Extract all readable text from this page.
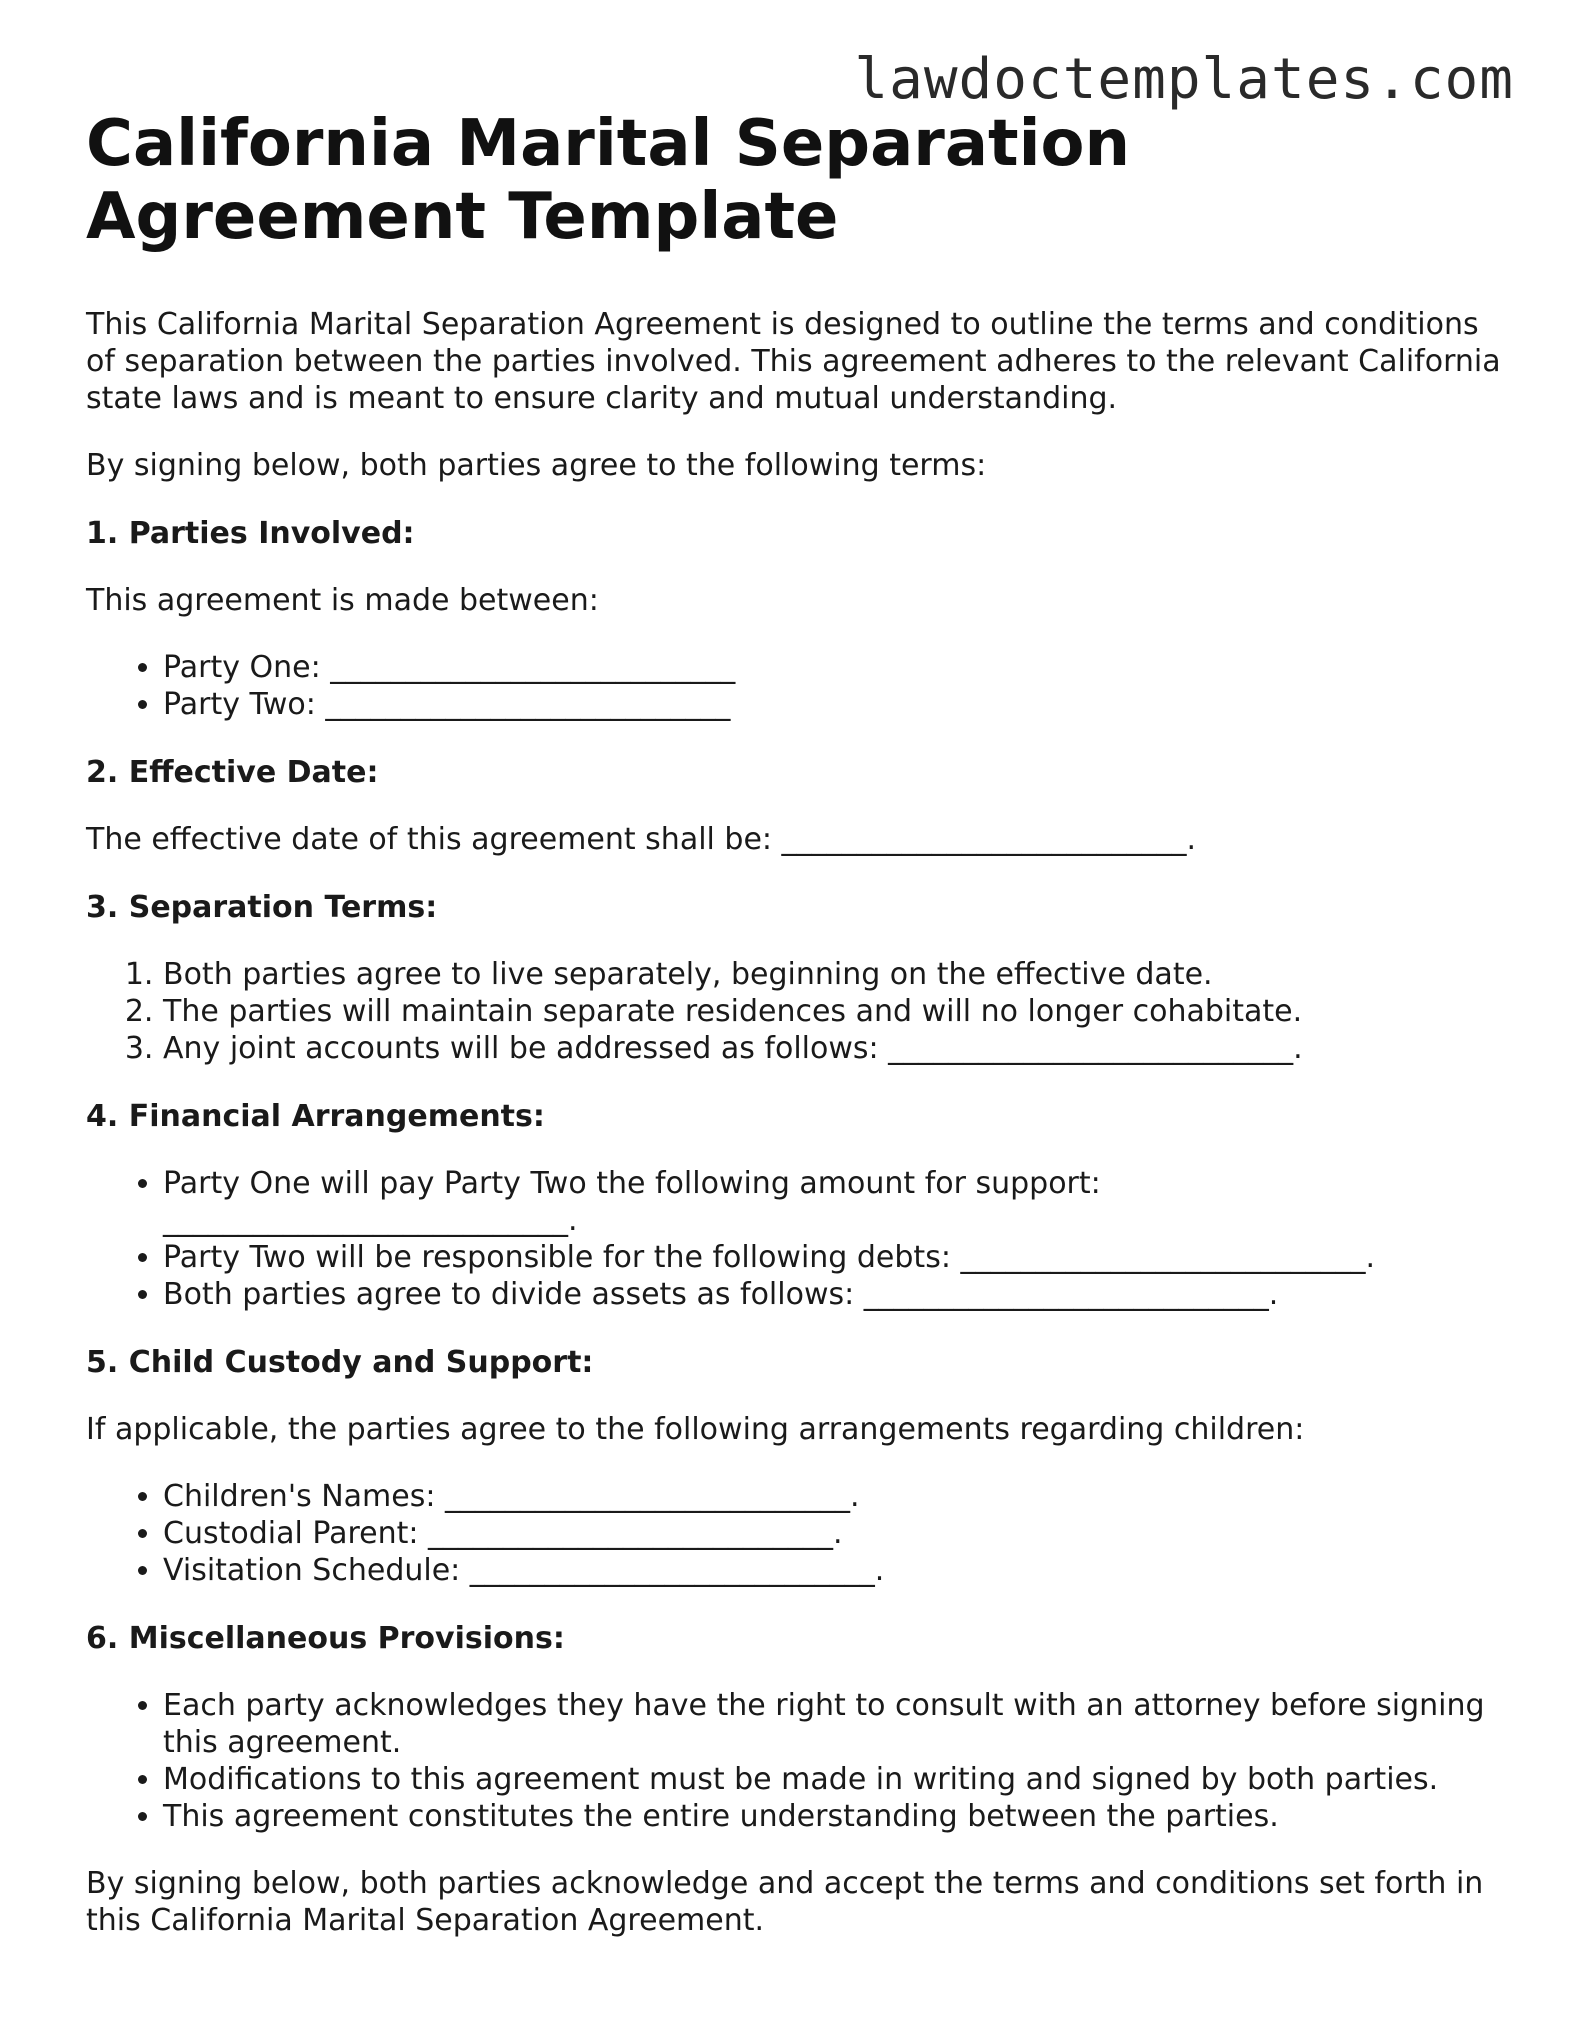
lawdoctemplates.com
California Marital Separation
Agreement Template

This California Marital Separation Agreement is designed to outline the terms and conditions of separation between the parties involved. This agreement adheres to the relevant California state laws and is meant to ensure clarity and mutual understanding.

By signing below, both parties agree to the following terms:

1. Parties Involved:

This agreement is made between:

• Party One: ___________________________
• Party Two: ___________________________

2. Effective Date:

The effective date of this agreement shall be: ___________________________.

3. Separation Terms:

1. Both parties agree to live separately, beginning on the effective date.
2. The parties will maintain separate residences and will no longer cohabitate.
3. Any joint accounts will be addressed as follows: ___________________________.

4. Financial Arrangements:

• Party One will pay Party Two the following amount for support: ___________________________.
• Party Two will be responsible for the following debts: ___________________________.
• Both parties agree to divide assets as follows: ___________________________.

5. Child Custody and Support:

If applicable, the parties agree to the following arrangements regarding children:

• Children's Names: ___________________________.
• Custodial Parent: ___________________________.
• Visitation Schedule: ___________________________.

6. Miscellaneous Provisions:

• Each party acknowledges they have the right to consult with an attorney before signing this agreement.
• Modifications to this agreement must be made in writing and signed by both parties.
• This agreement constitutes the entire understanding between the parties.

By signing below, both parties acknowledge and accept the terms and conditions set forth in this California Marital Separation Agreement.
